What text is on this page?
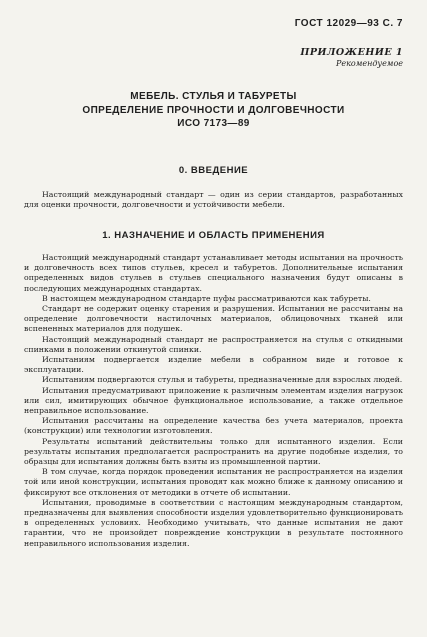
ГОСТ 12029—93 С. 7
ПРИЛОЖЕНИЕ 1
Рекомендуемое
МЕБЕЛЬ. СТУЛЬЯ И ТАБУРЕТЫ
ОПРЕДЕЛЕНИЕ ПРОЧНОСТИ И ДОЛГОВЕЧНОСТИ
ИСО 7173—89
0. ВВЕДЕНИЕ

Настоящий международный стандарт — один из серии стандартов, разработанных для оценки прочности, долговечности и устойчивости мебели.

1. НАЗНАЧЕНИЕ И ОБЛАСТЬ ПРИМЕНЕНИЯ

Настоящий международный стандарт устанавливает методы испытания на прочность и долговечность всех типов стульев, кресел и табуретов. Дополнительные испытания определенных видов стульев в стульев специального назначения будут описаны в последующих международных стандартах.

В настоящем международном стандарте пуфы рассматриваются как табуреты.

Стандарт не содержит оценку старения и разрушения. Испытания не рассчитаны на определение долговечности настилочных материалов, облицовочных тканей или вспененных материалов для подушек.

Настоящий международный стандарт не распространяется на стулья с откидными спинками в положении откинутой спинки.

Испытаниям подвергается изделие мебели в собранном виде и готовое к эксплуатации.

Испытаниям подвергаются стулья и табуреты, предназначенные для взрослых людей.

Испытания предусматривают приложение к различным элементам изделия нагрузок или сил, имитирующих обычное функциональное использование, а также отдельное неправильное использование.

Испытания рассчитаны на определение качества без учета материалов, проекта (конструкции) или технологии изготовления.

Результаты испытаний действительны только для испытанного изделия. Если результаты испытания предполагается распространить на другие подобные изделия, то образцы для испытания должны быть взяты из промышленной партии.

В том случае, когда порядок проведения испытания не распространяется на изделия той или иной конструкции, испытания проводят как можно ближе к данному описанию и фиксируют все отклонения от методики в отчете об испытании.

Испытания, проводимые в соответствии с настоящим международным стандартом, предназначены для выявления способности изделия удовлетворительно функционировать в определенных условиях. Необходимо учитывать, что данные испытания не дают гарантии, что не произойдет повреждение конструкции в результате постоянного неправильного использования изделия.
